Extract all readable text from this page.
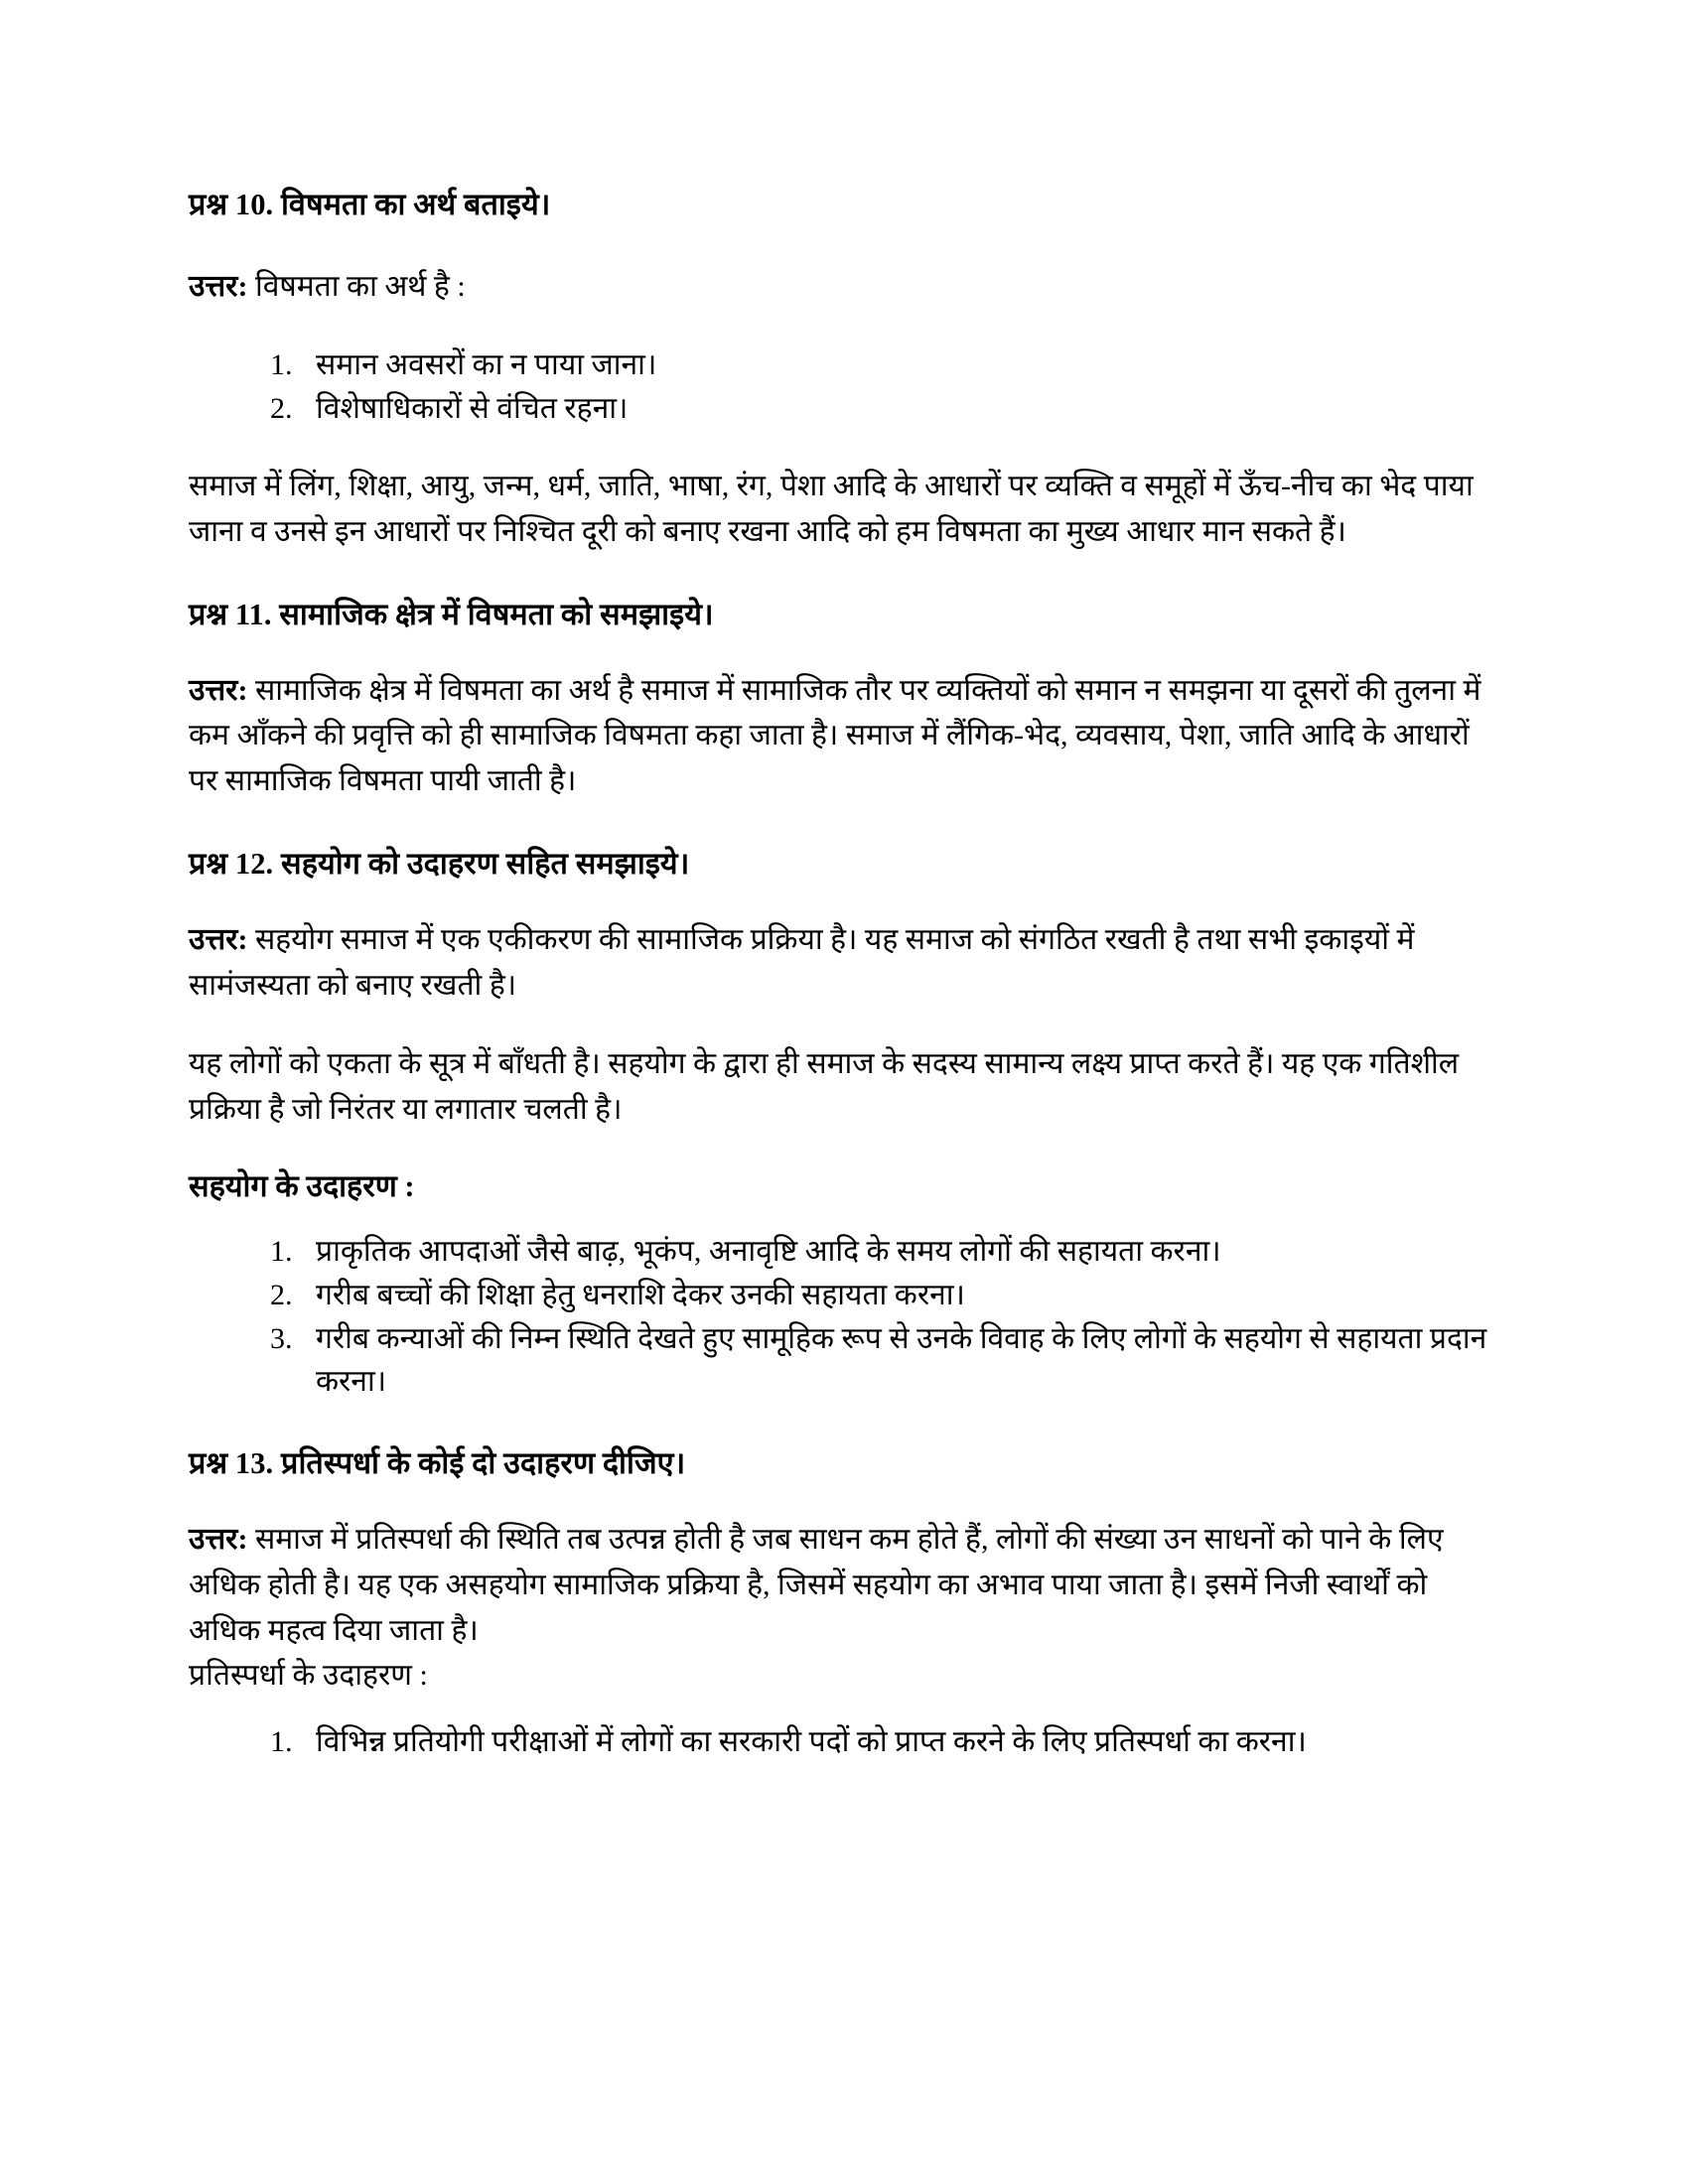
प्रश्न 10. विषमता का अर्थ बताइये।

उत्तर: विषमता का अर्थ है :

1. समान अवसरों का न पाया जाना।
2. विशेषाधिकारों से वंचित रहना।

समाज में लिंग, शिक्षा, आयु, जन्म, धर्म, जाति, भाषा, रंग, पेशा आदि के आधारों पर व्यक्ति व समूहों में ऊँच-नीच का भेद पाया जाना व उनसे इन आधारों पर निश्चित दूरी को बनाए रखना आदि को हम विषमता का मुख्य आधार मान सकते हैं।

प्रश्न 11. सामाजिक क्षेत्र में विषमता को समझाइये।

उत्तर: सामाजिक क्षेत्र में विषमता का अर्थ है समाज में सामाजिक तौर पर व्यक्तियों को समान न समझना या दूसरों की तुलना में कम आँकने की प्रवृत्ति को ही सामाजिक विषमता कहा जाता है। समाज में लैंगिक-भेद, व्यवसाय, पेशा, जाति आदि के आधारों पर सामाजिक विषमता पायी जाती है।

प्रश्न 12. सहयोग को उदाहरण सहित समझाइये।

उत्तर: सहयोग समाज में एक एकीकरण की सामाजिक प्रक्रिया है। यह समाज को संगठित रखती है तथा सभी इकाइयों में सामंजस्यता को बनाए रखती है।

यह लोगों को एकता के सूत्र में बाँधती है। सहयोग के द्वारा ही समाज के सदस्य सामान्य लक्ष्य प्राप्त करते हैं। यह एक गतिशील प्रक्रिया है जो निरंतर या लगातार चलती है।

सहयोग के उदाहरण :
1. प्राकृतिक आपदाओं जैसे बाढ़, भूकंप, अनावृष्टि आदि के समय लोगों की सहायता करना।
2. गरीब बच्चों की शिक्षा हेतु धनराशि देकर उनकी सहायता करना।
3. गरीब कन्याओं की निम्न स्थिति देखते हुए सामूहिक रूप से उनके विवाह के लिए लोगों के सहयोग से सहायता प्रदान करना।
प्रश्न 13. प्रतिस्पर्धा के कोई दो उदाहरण दीजिए।

उत्तर: समाज में प्रतिस्पर्धा की स्थिति तब उत्पन्न होती है जब साधन कम होते हैं, लोगों की संख्या उन साधनों को पाने के लिए अधिक होती है। यह एक असहयोग सामाजिक प्रक्रिया है, जिसमें सहयोग का अभाव पाया जाता है। इसमें निजी स्वार्थों को अधिक महत्व दिया जाता है।

प्रतिस्पर्धा के उदाहरण :

1. विभिन्न प्रतियोगी परीक्षाओं में लोगों का सरकारी पदों को प्राप्त करने के लिए प्रतिस्पर्धा का करना।
